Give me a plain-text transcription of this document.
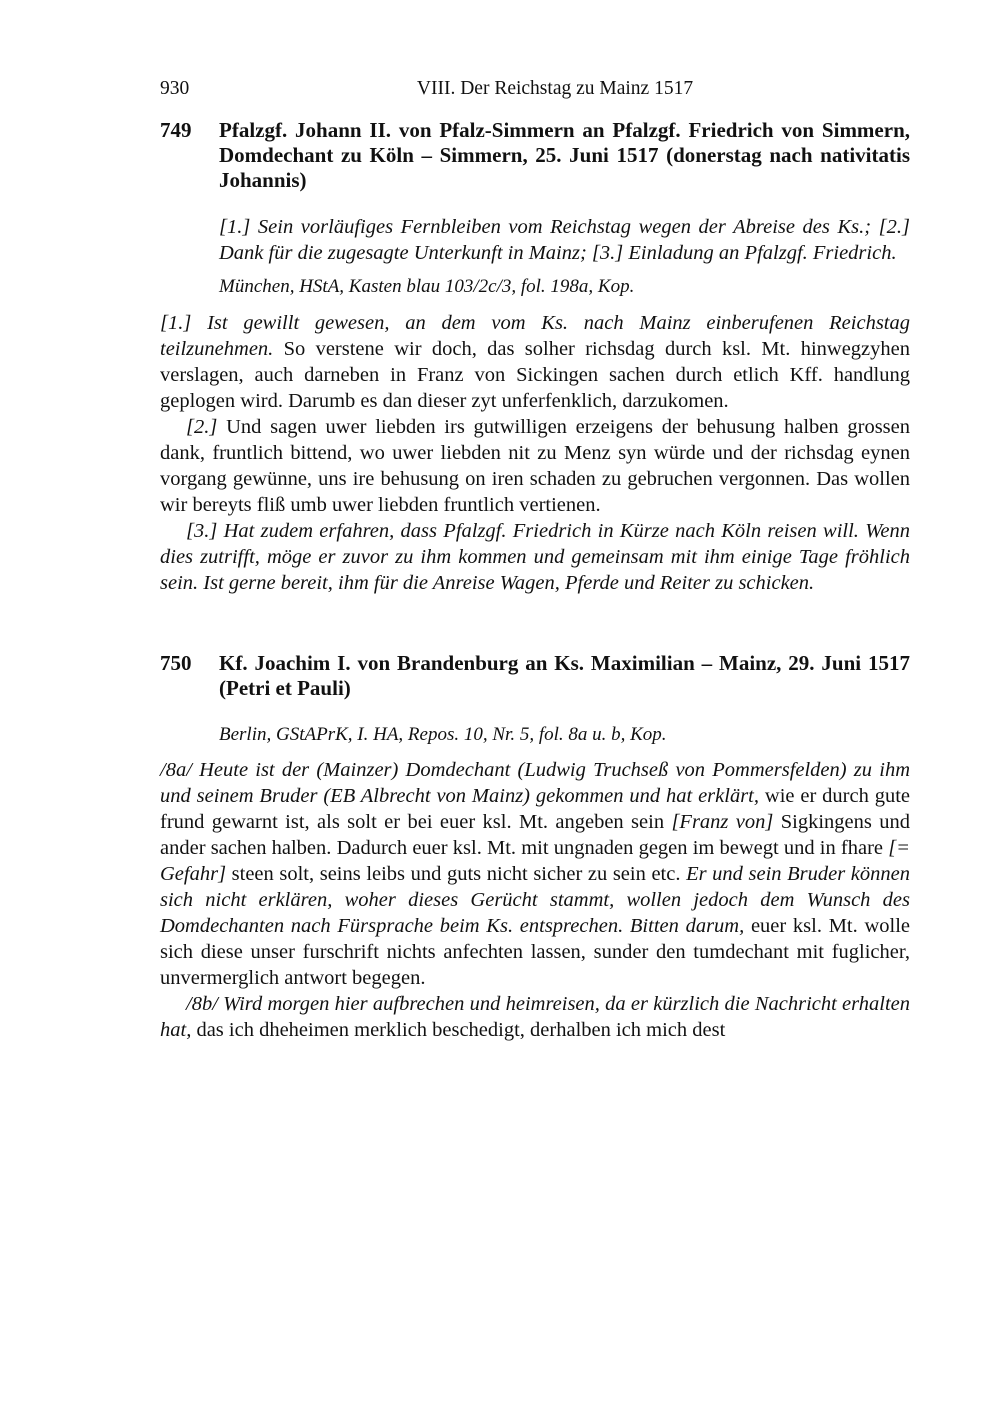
930	VIII. Der Reichstag zu Mainz 1517
749	Pfalzgf. Johann II. von Pfalz-Simmern an Pfalzgf. Friedrich von Simmern, Domdechant zu Köln – Simmern, 25. Juni 1517 (donerstag nach nativitatis Johannis)
[1.] Sein vorläufiges Fernbleiben vom Reichstag wegen der Abreise des Ks.; [2.] Dank für die zugesagte Unterkunft in Mainz; [3.] Einladung an Pfalzgf. Friedrich.
München, HStA, Kasten blau 103/2c/3, fol. 198a, Kop.

[1.] Ist gewillt gewesen, an dem vom Ks. nach Mainz einberufenen Reichstag teilzunehmen. So verstene wir doch, das solher richsdag durch ksl. Mt. hinwegzyhen verslagen, auch darneben in Franz von Sickingen sachen durch etlich Kff. handlung geplogen wird. Darumb es dan dieser zyt unferfenklich, darzukomen.

[2.] Und sagen uwer liebden irs gutwilligen erzeigens der behusung halben grossen dank, fruntlich bittend, wo uwer liebden nit zu Menz syn würde und der richsdag eynen vorgang gewünne, uns ire behusung on iren schaden zu gebruchen vergonnen. Das wollen wir bereyts fliß umb uwer liebden fruntlich vertienen.

[3.] Hat zudem erfahren, dass Pfalzgf. Friedrich in Kürze nach Köln reisen will. Wenn dies zutrifft, möge er zuvor zu ihm kommen und gemeinsam mit ihm einige Tage fröhlich sein. Ist gerne bereit, ihm für die Anreise Wagen, Pferde und Reiter zu schicken.

750	Kf. Joachim I. von Brandenburg an Ks. Maximilian – Mainz, 29. Juni 1517 (Petri et Pauli)
Berlin, GStAPrK, I. HA, Repos. 10, Nr. 5, fol. 8a u. b, Kop.

/8a/ Heute ist der (Mainzer) Domdechant (Ludwig Truchseß von Pommersfelden) zu ihm und seinem Bruder (EB Albrecht von Mainz) gekommen und hat erklärt, wie er durch gute frund gewarnt ist, als solt er bei euer ksl. Mt. angeben sein [Franz von] Sigkingens und ander sachen halben. Dadurch euer ksl. Mt. mit ungnaden gegen im bewegt und in fhare [= Gefahr] steen solt, seins leibs und guts nicht sicher zu sein etc. Er und sein Bruder können sich nicht erklären, woher dieses Gerücht stammt, wollen jedoch dem Wunsch des Domdechanten nach Fürsprache beim Ks. entsprechen. Bitten darum, euer ksl. Mt. wolle sich diese unser furschrift nichts anfechten lassen, sunder den tumdechant mit fuglicher, unvermerglich antwort begegen.

/8b/ Wird morgen hier aufbrechen und heimreisen, da er kürzlich die Nachricht erhalten hat, das ich dheheimen merklich beschedigt, derhalben ich mich dest
